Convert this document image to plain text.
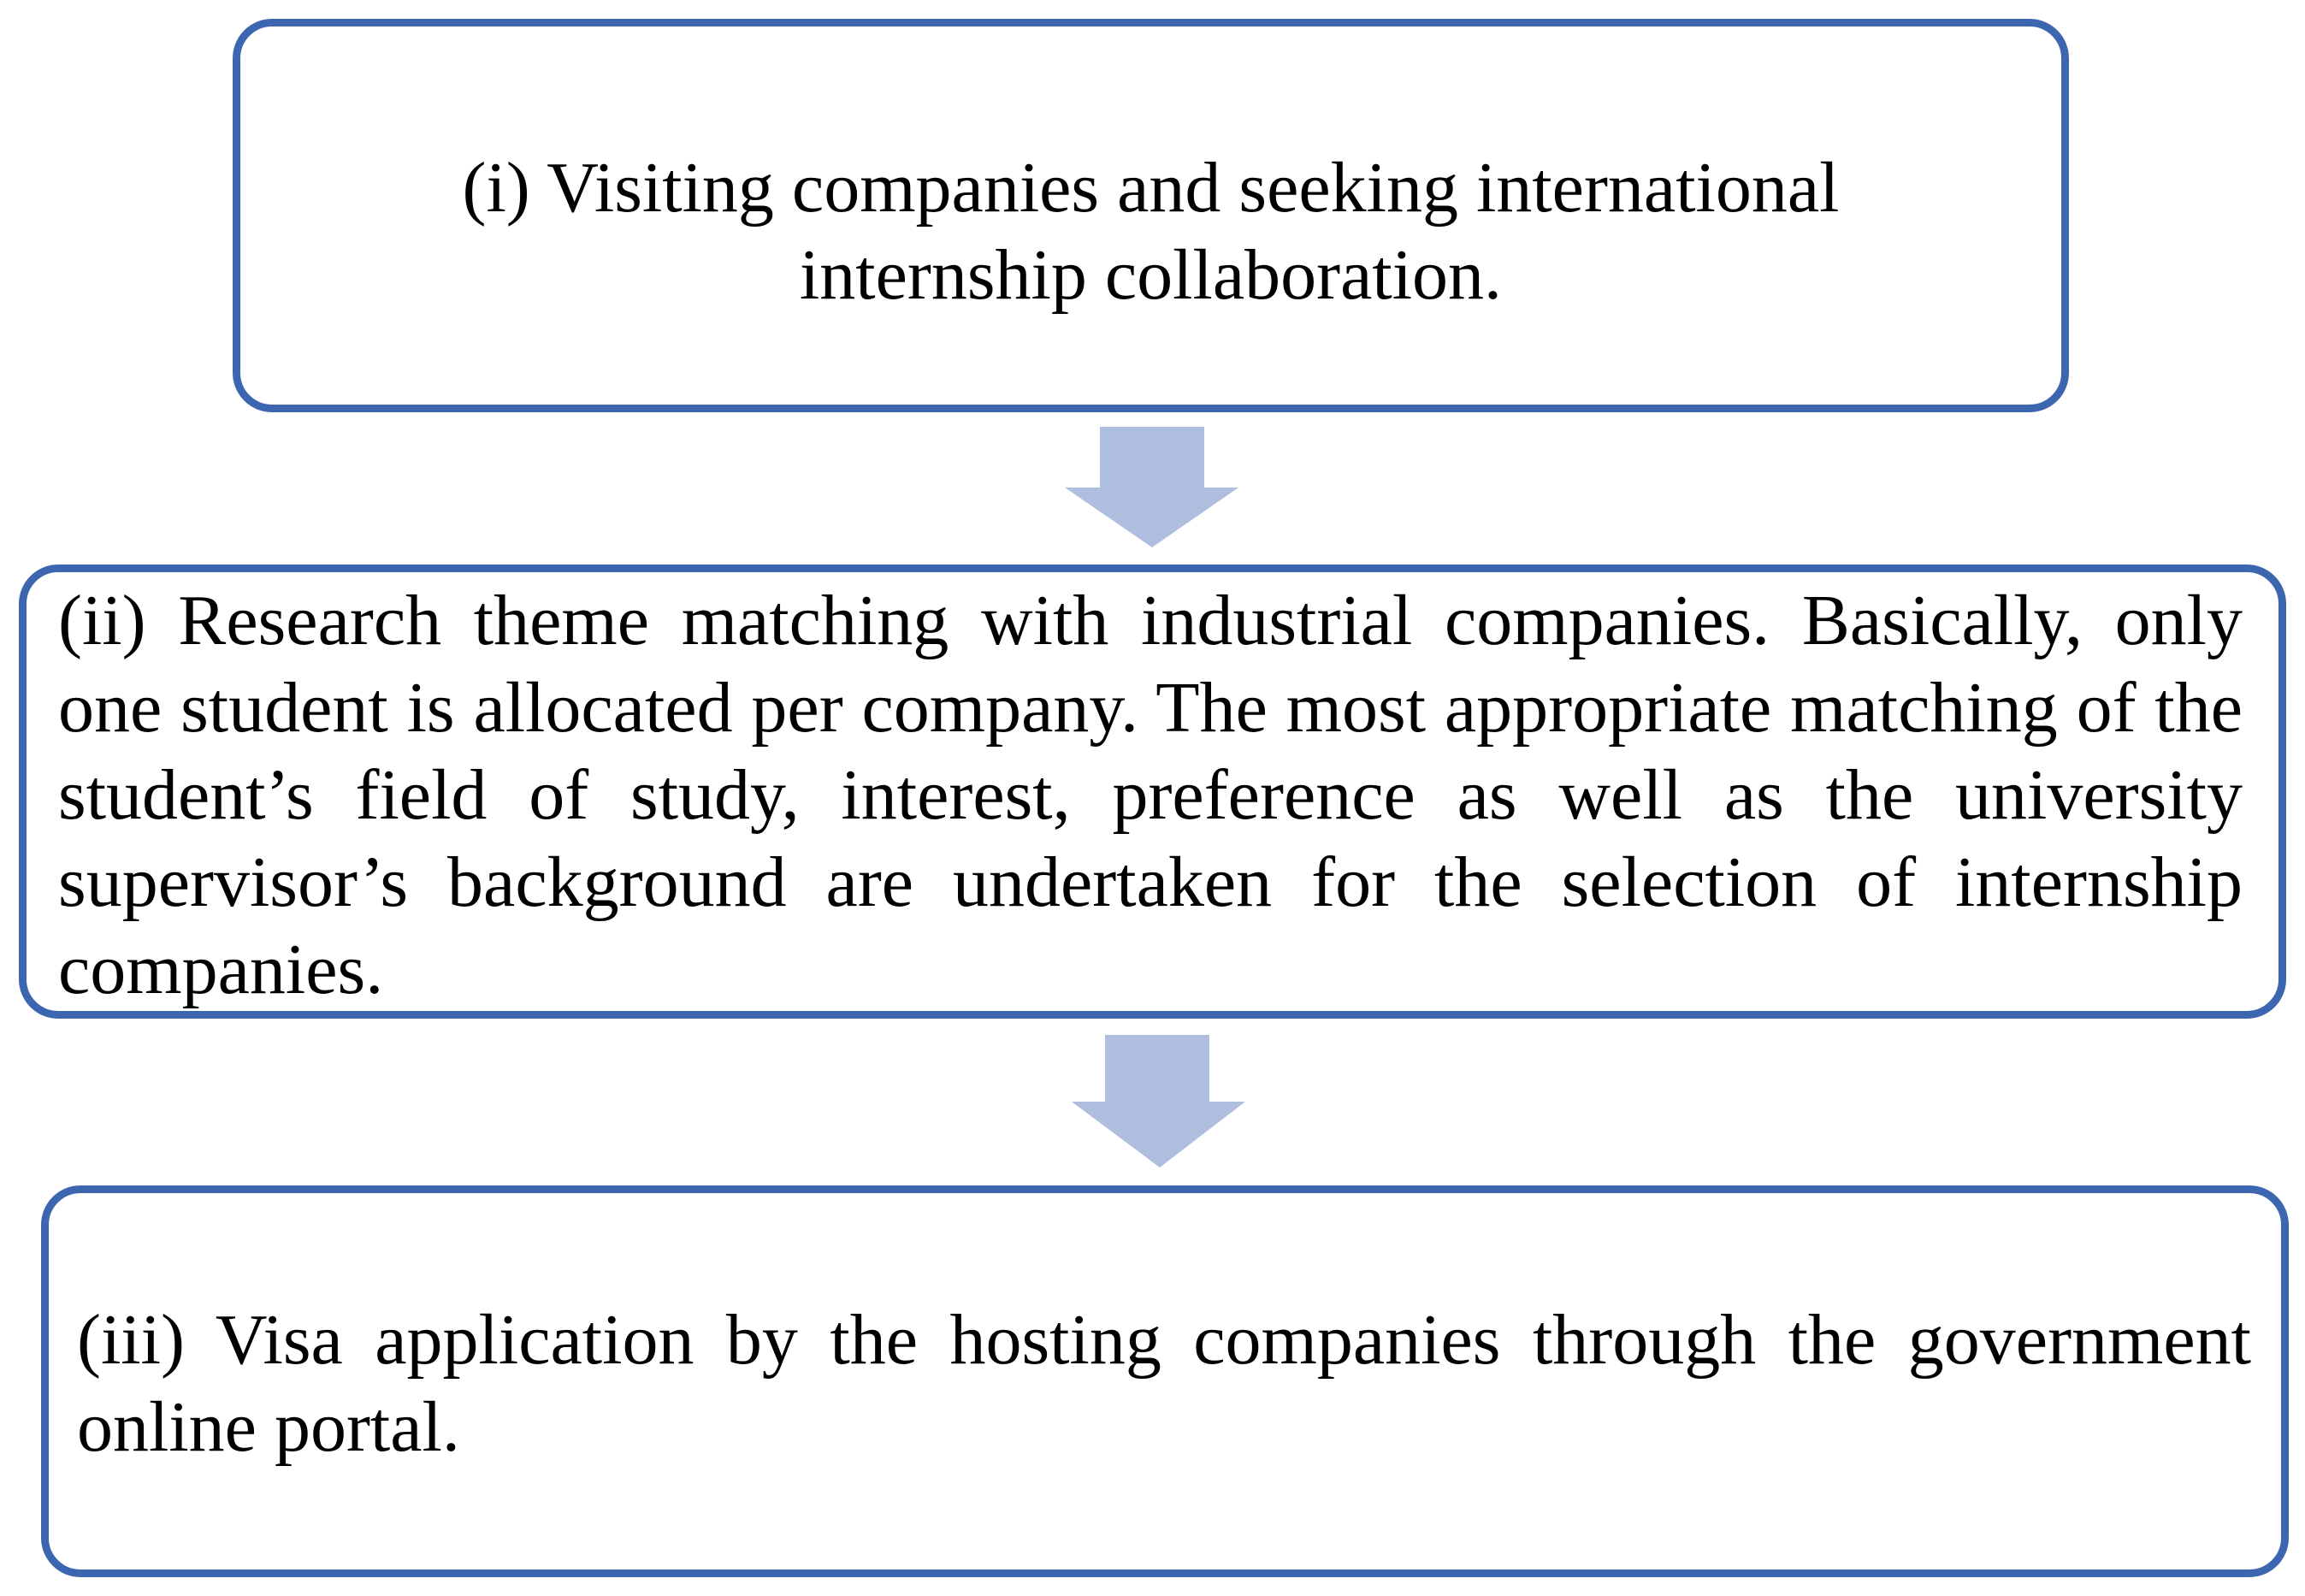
(i) Visiting companies and seeking international internship collaboration.
(ii) Research theme matching with industrial companies. Basically, only one student is allocated per company. The most appropriate matching of the student’s field of study, interest, preference as well as the university supervisor’s background are undertaken for the selection of internship companies.
(iii) Visa application by the hosting companies through the government online portal.
